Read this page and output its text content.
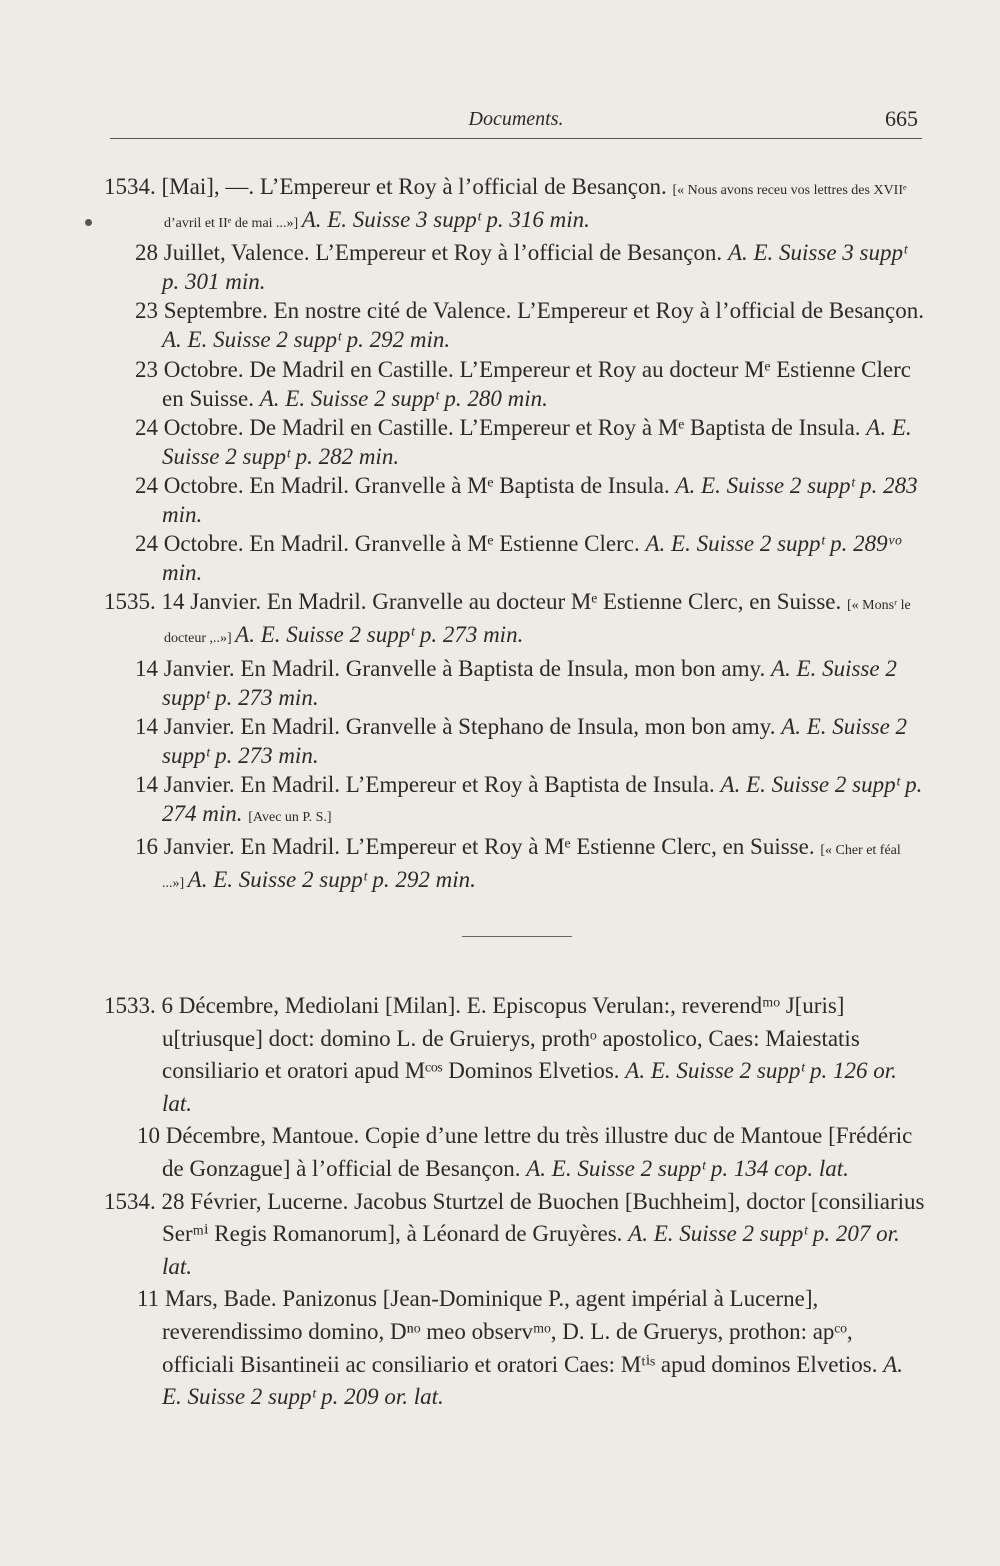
Documents.	665
1534. [Mai], —. L’Empereur et Roy à l’official de Besançon. [« Nous avons receu vos lettres des XVIIᵉ d’avril et IIᵉ de mai ...»] A. E. Suisse 3 suppᵗ p. 316 min.
28 Juillet, Valence. L’Empereur et Roy à l’official de Besançon. A. E. Suisse 3 suppᵗ p. 301 min.
23 Septembre. En nostre cité de Valence. L’Empereur et Roy à l’official de Besançon. A. E. Suisse 2 suppᵗ p. 292 min.
23 Octobre. De Madril en Castille. L’Empereur et Roy au docteur Mᵉ Estienne Clerc en Suisse. A. E. Suisse 2 suppᵗ p. 280 min.
24 Octobre. De Madril en Castille. L’Empereur et Roy à Mᵉ Baptista de Insula. A. E. Suisse 2 suppᵗ p. 282 min.
24 Octobre. En Madril. Granvelle à Mᵉ Baptista de Insula. A. E. Suisse 2 suppᵗ p. 283 min.
24 Octobre. En Madril. Granvelle à Mᵉ Estienne Clerc. A. E. Suisse 2 suppᵗ p. 289ᵛᵒ min.
1535. 14 Janvier. En Madril. Granvelle au docteur Mᵉ Estienne Clerc, en Suisse. [« Monsʳ le docteur ,..»] A. E. Suisse 2 suppᵗ p. 273 min.
14 Janvier. En Madril. Granvelle à Baptista de Insula, mon bon amy. A. E. Suisse 2 suppᵗ p. 273 min.
14 Janvier. En Madril. Granvelle à Stephano de Insula, mon bon amy. A. E. Suisse 2 suppᵗ p. 273 min.
14 Janvier. En Madril. L’Empereur et Roy à Baptista de Insula. A. E. Suisse 2 suppᵗ p. 274 min. [Avec un P. S.]
16 Janvier. En Madril. L’Empereur et Roy à Mᵉ Estienne Clerc, en Suisse. [« Cher et féal ...»] A. E. Suisse 2 suppᵗ p. 292 min.
1533. 6 Décembre, Mediolani [Milan]. E. Episcopus Verulan:, reverendᵐᵒ J[uris] u[triusque] doct: domino L. de Gruierys, prothᵒ apostolico, Caes: Maiestatis consiliario et oratori apud Mᶜᵒˢ Dominos Elvetios. A. E. Suisse 2 suppᵗ p. 126 or. lat.
10 Décembre, Mantoue. Copie d’une lettre du très illustre duc de Mantoue [Frédéric de Gonzague] à l’official de Besançon. A. E. Suisse 2 suppᵗ p. 134 cop. lat.
1534. 28 Février, Lucerne. Jacobus Sturtzel de Buochen [Buchheim], doctor [consiliarius Serᵐⁱ Regis Romanorum], à Léonard de Gruyères. A. E. Suisse 2 suppᵗ p. 207 or. lat.
11 Mars, Bade. Panizonus [Jean-Dominique P., agent impérial à Lucerne], reverendissimo domino, Dⁿᵒ meo observᵐᵒ, D. L. de Gruerys, prothon: apᶜᵒ, officiali Bisantineii ac consiliario et oratori Caes: Mᵗⁱˢ apud dominos Elvetios. A. E. Suisse 2 suppᵗ p. 209 or. lat.
